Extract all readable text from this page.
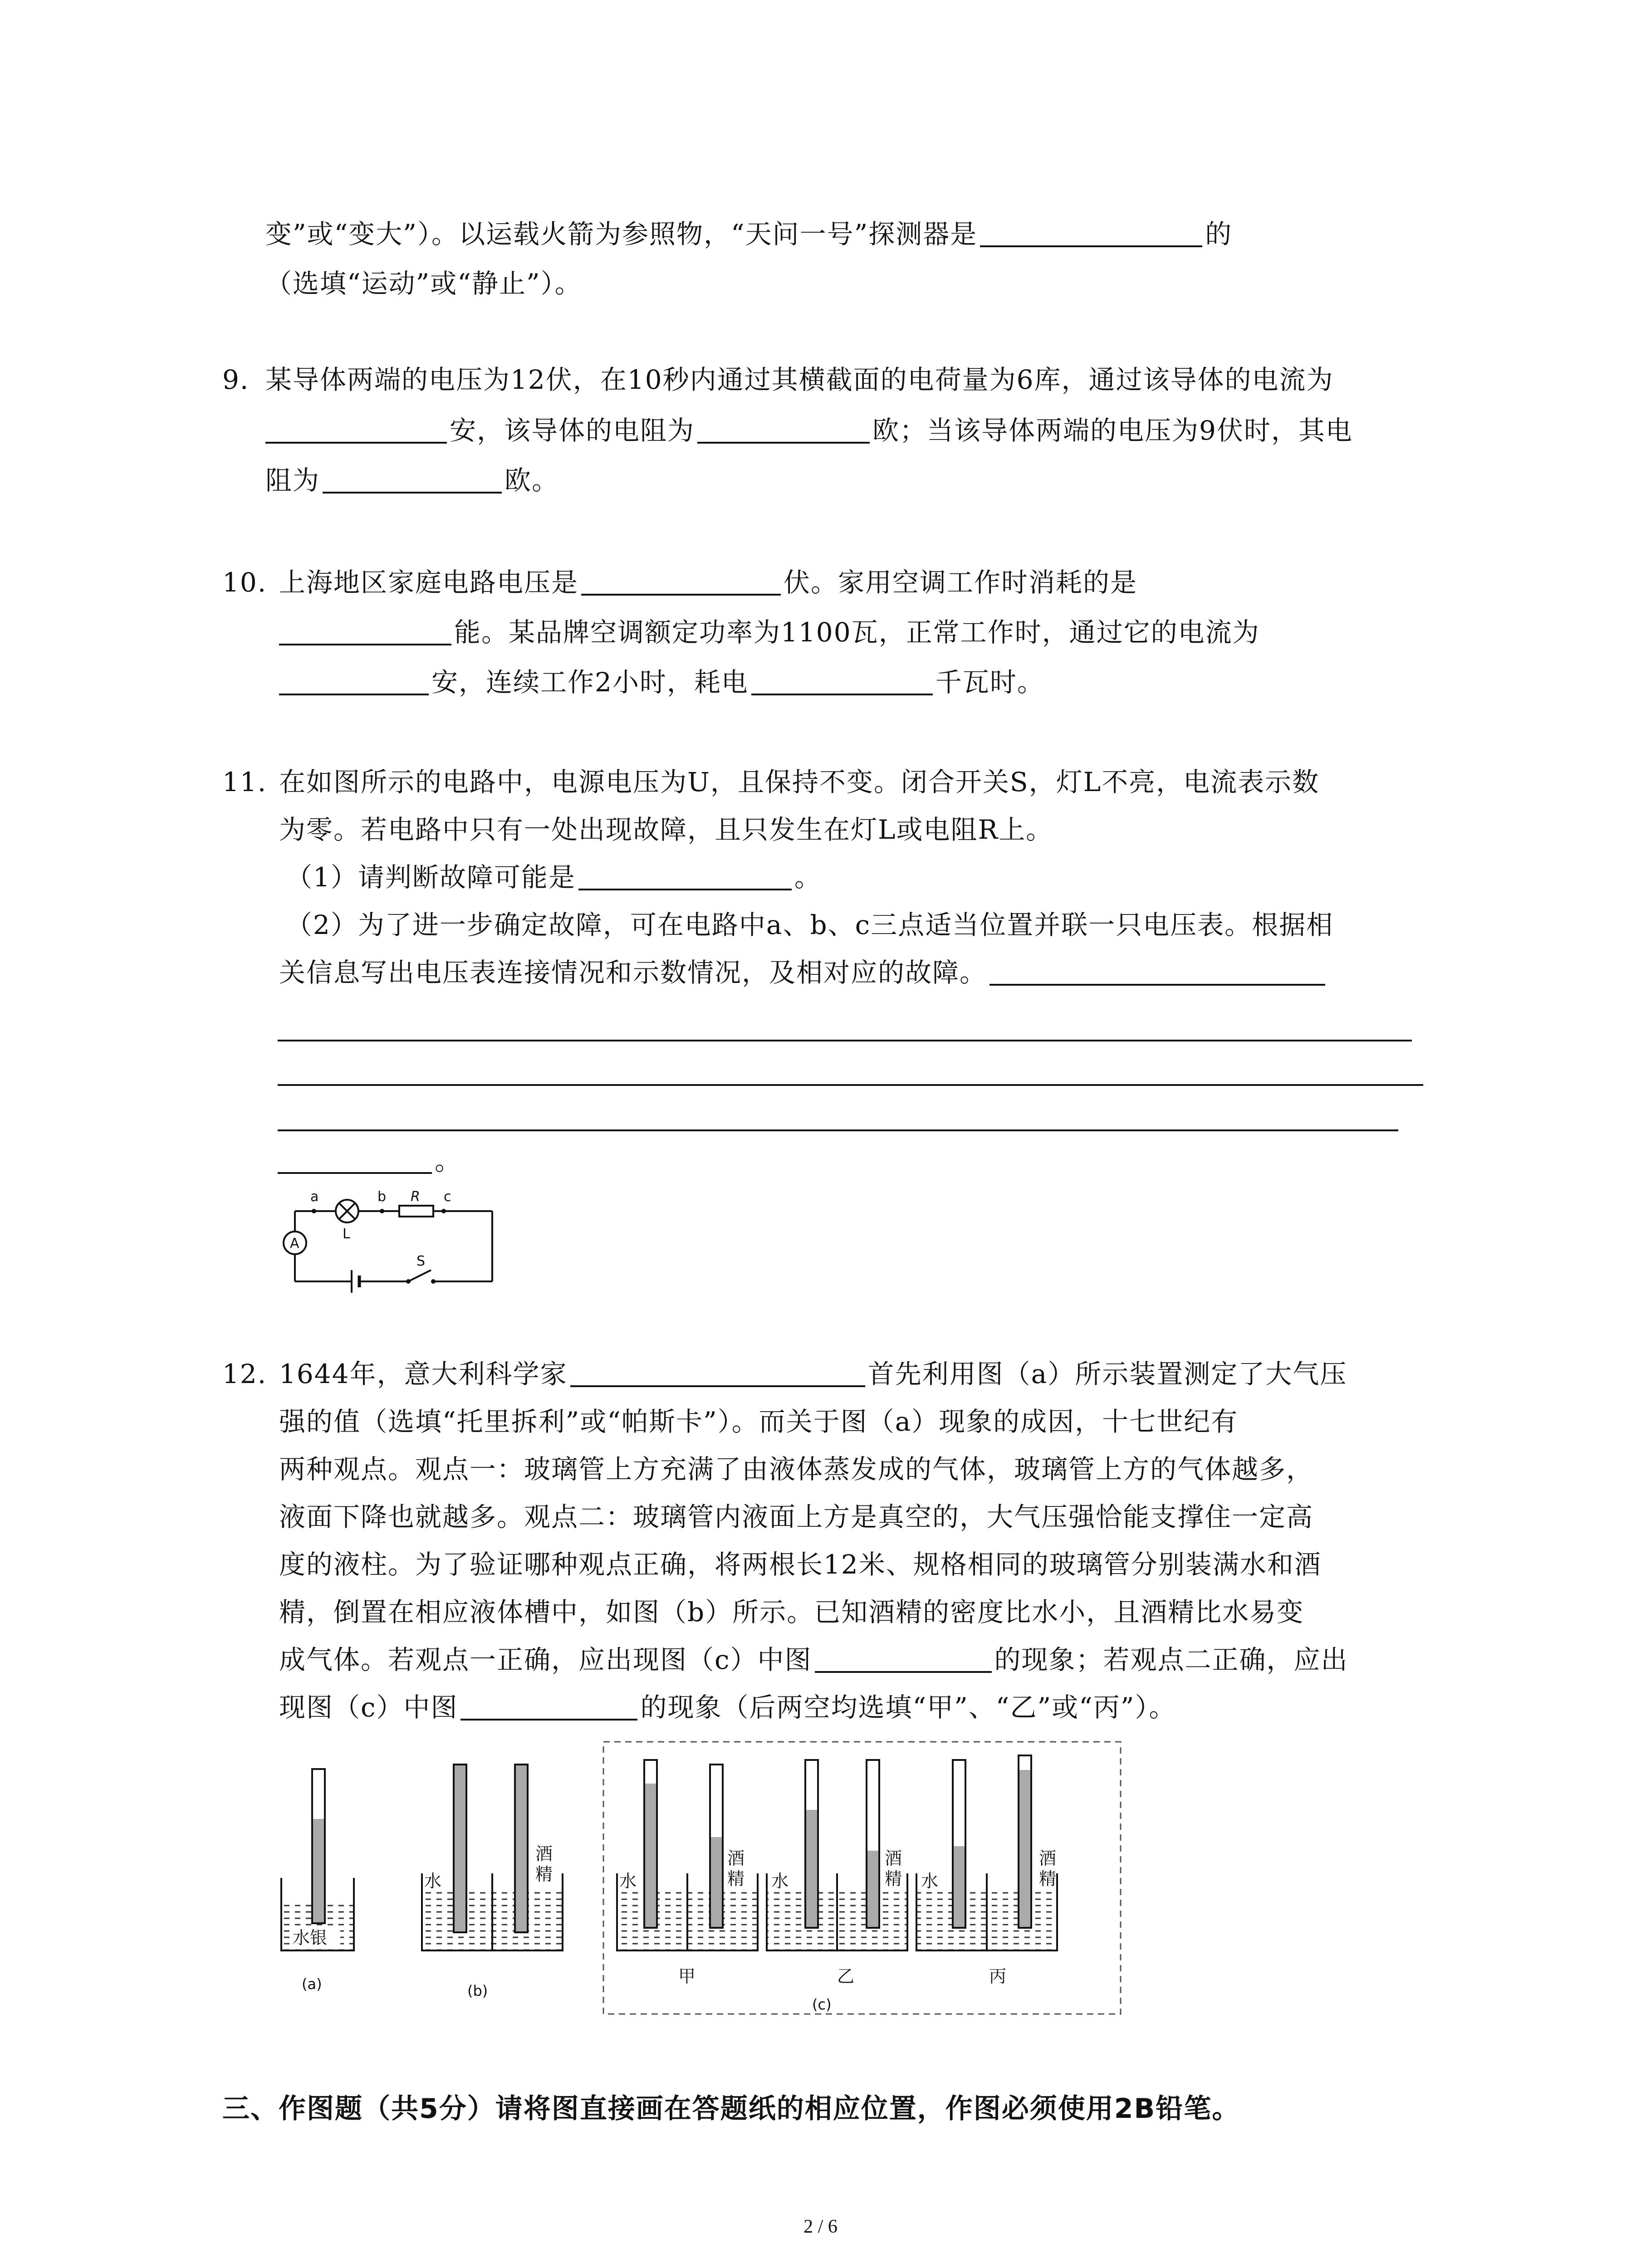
变”或“变大”）。以运载火箭为参照物，“天问一号”探测器是	的
（选填“运动”或“静止”）。
9. 某导体两端的电压为12伏，在10秒内通过其横截面的电荷量为6库，通过该导体的电流为
安，该导体的电阻为	欧；当该导体两端的电压为9伏时，其电
阻为	欧。
10. 上海地区家庭电路电压是	伏。家用空调工作时消耗的是
能。某品牌空调额定功率为1100瓦，正常工作时，通过它的电流为
安，连续工作2小时，耗电	千瓦时。
11. 在如图所示的电路中，电源电压为U，且保持不变。闭合开关S，灯L不亮，电流表示数
为零。若电路中只有一处出现故障，且只发生在灯L或电阻R上。
（1）请判断故障可能是	。
（2）为了进一步确定故障，可在电路中a、b、c三点适当位置并联一只电压表。根据相
关信息写出电压表连接情况和示数情况，及相对应的故障。
。
a	b R c
L
S
A
12. 1644年，意大利科学家	首先利用图（a）所示装置测定了大气压
强的值（选填“托里拆利”或“帕斯卡”）。而关于图（a）现象的成因，十七世纪有
两种观点。观点一：玻璃管上方充满了由液体蒸发成的气体，玻璃管上方的气体越多，
液面下降也就越多。观点二：玻璃管内液面上方是真空的，大气压强恰能支撑住一定高
度的液柱。为了验证哪种观点正确，将两根长12米、规格相同的玻璃管分别装满水和酒
精，倒置在相应液体槽中，如图（b）所示。已知酒精的密度比水小，且酒精比水易变
成气体。若观点一正确，应出现图（c）中图	的现象；若观点二正确，应出
现图（c）中图	的现象（后两空均选填“甲”、“乙”或“丙”）。
水银
(a)
水
酒
精
(b)
水
酒
精 水
酒
精 水
酒
精
甲	乙	丙
(c)
三、作图题（共5分）请将图直接画在答题纸的相应位置，作图必须使用2B铅笔。
2 / 6
